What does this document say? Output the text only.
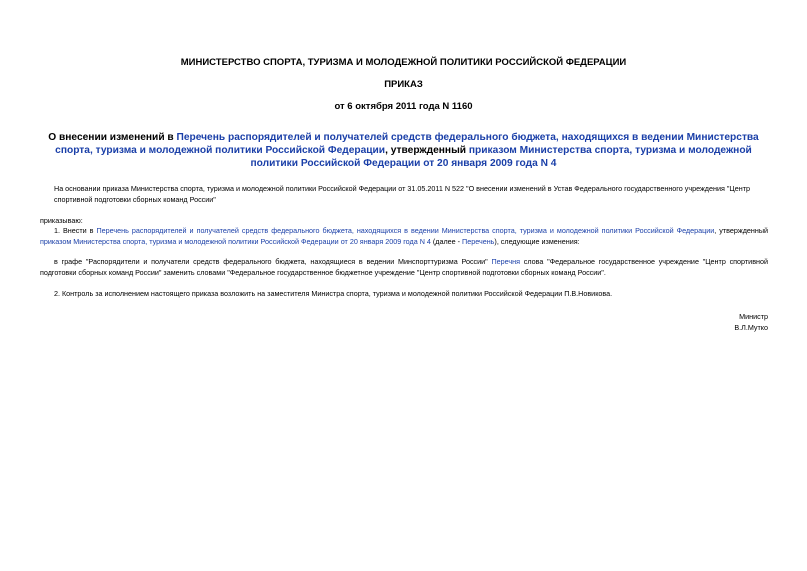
МИНИСТЕРСТВО СПОРТА, ТУРИЗМА И МОЛОДЕЖНОЙ ПОЛИТИКИ РОССИЙСКОЙ ФЕДЕРАЦИИ
ПРИКАЗ
от 6 октября 2011 года N 1160
О внесении изменений в Перечень распорядителей и получателей средств федерального бюджета, находящихся в ведении Министерства спорта, туризма и молодежной политики Российской Федерации, утвержденный приказом Министерства спорта, туризма и молодежной политики Российской Федерации от 20 января 2009 года N 4
На основании приказа Министерства спорта, туризма и молодежной политики Российской Федерации от 31.05.2011 N 522 "О внесении изменений в Устав Федерального государственного учреждения "Центр спортивной подготовки сборных команд России"
приказываю:
1. Внести в Перечень распорядителей и получателей средств федерального бюджета, находящихся в ведении Министерства спорта, туризма и молодежной политики Российской Федерации, утвержденный приказом Министерства спорта, туризма и молодежной политики Российской Федерации от 20 января 2009 года N 4 (далее - Перечень), следующие изменения:
в графе "Распорядители и получатели средств федерального бюджета, находящиеся в ведении Минспорттуризма России" Перечня слова "Федеральное государственное учреждение "Центр спортивной подготовки сборных команд России" заменить словами "Федеральное государственное бюджетное учреждение "Центр спортивной подготовки сборных команд России".
2. Контроль за исполнением настоящего приказа возложить на заместителя Министра спорта, туризма и молодежной политики Российской Федерации П.В.Новикова.
Министр
В.Л.Мутко
